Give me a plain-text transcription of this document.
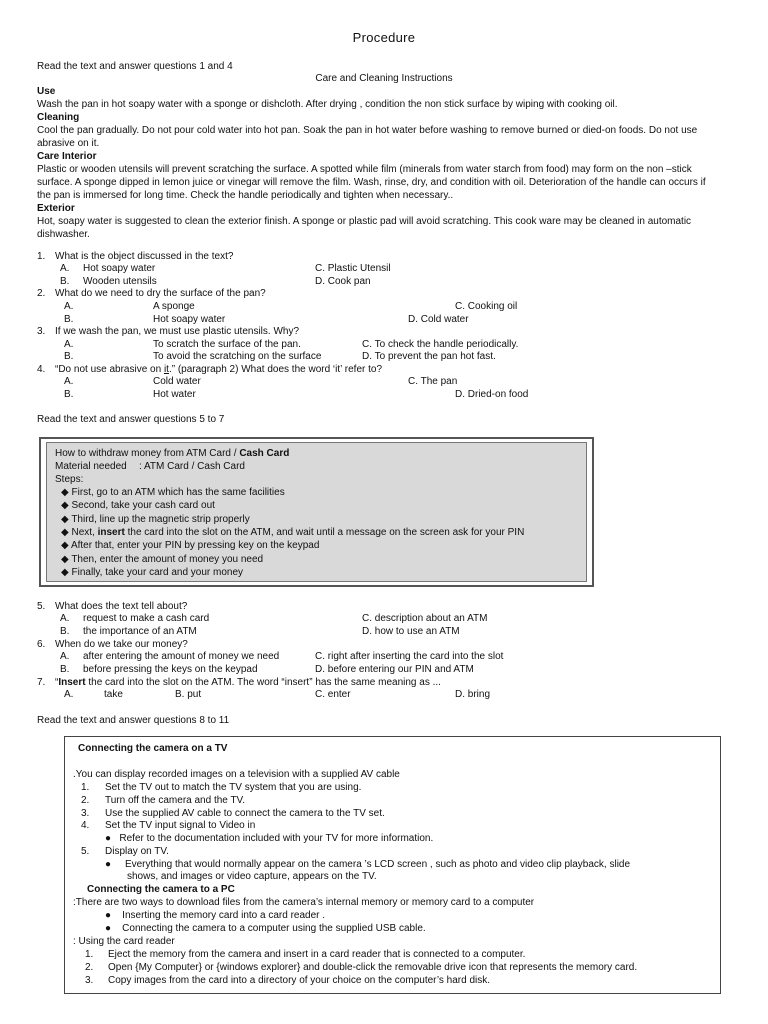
Procedure
Read the text and answer questions 1 and 4
Care and Cleaning Instructions
Use
Wash the pan in hot soapy water with a sponge or dishcloth. After drying , condition the non stick surface by wiping with cooking oil.
Cleaning
Cool the pan gradually. Do not pour cold water into hot pan. Soak the pan in hot water before washing to remove burned or died-on foods. Do not use abrasive on it.
Care Interior
Plastic or wooden utensils will prevent scratching the surface. A spotted while film (minerals from water starch from food) may form on the non –stick surface. A sponge dipped in lemon juice or vinegar will remove the film. Wash, rinse, dry, and condition with oil. Deterioration of the handle can occurs if the pan is immersed for long time. Check the handle periodically and tighten when necessary..
Exterior
Hot, soapy water is suggested to clean the exterior finish. A sponge or plastic pad will avoid scratching. This cook ware may be cleaned in automatic dishwasher.
1. What is the object discussed in the text?
A. Hot soapy water	C. Plastic Utensil
B. Wooden utensils	D. Cook pan
2. What do we need to dry the surface of the pan?
A.	A sponge	C. Cooking oil
B.	Hot soapy water	D. Cold water
3. If we wash the pan, we must use plastic utensils. Why?
A.	To scratch the surface of the pan.	C. To check the handle periodically.
B.	To avoid the scratching on the surface	D. To prevent the pan hot fast.
4. “Do not use abrasive on it.” (paragraph 2) What does the word ‘it’ refer to?
A.	Cold water	C. The pan
B.	Hot water	D. Dried-on food
Read the text and answer questions 5 to 7
How to withdraw money from ATM Card / Cash Card
Material needed : ATM Card / Cash Card
Steps:
◆ First, go to an ATM which has the same facilities
◆ Second, take your cash card out
◆ Third, line up the magnetic strip properly
◆ Next, insert the card into the slot on the ATM, and wait until a message on the screen ask for your PIN
◆ After that, enter your PIN by pressing key on the keypad
◆ Then, enter the amount of money you need
◆ Finally, take your card and your money
5. What does the text tell about?
A. request to make a cash card	C. description about an ATM
B. the importance of an ATM	D. how to use an ATM
6. When do we take our money?
A. after entering the amount of money we need	C. right after inserting the card into the slot
B. before pressing the keys on the keypad	D. before entering our PIN and ATM
7. “Insert the card into the slot on the ATM. The word “insert” has the same meaning as ...
A.	take	B. put	C. enter	D. bring
Read the text and answer questions 8 to 11
Connecting the camera on a TV
.You can display recorded images on a television with a supplied AV cable
1. Set the TV out to match the TV system that you are using.
2. Turn off the camera and the TV.
3. Use the supplied AV cable to connect the camera to the TV set.
4. Set the TV input signal to Video in
● Refer to the documentation included with your TV for more information.
5. Display on TV.
● Everything that would normally appear on the camera ’s LCD screen , such as photo and video clip playback, slide
shows, and images or video capture, appears on the TV.
Connecting the camera to a PC
:There are two ways to download files from the camera’s internal memory or memory card to a computer
● Inserting the memory card into a card reader .
● Connecting the camera to a computer using the supplied USB cable.
: Using the card reader
1. Eject the memory from the camera and insert in a card reader that is connected to a computer.
2. Open {My Computer} or {windows explorer} and double-click the removable drive icon that represents the memory card.
3. Copy images from the card into a directory of your choice on the computer’s hard disk.
